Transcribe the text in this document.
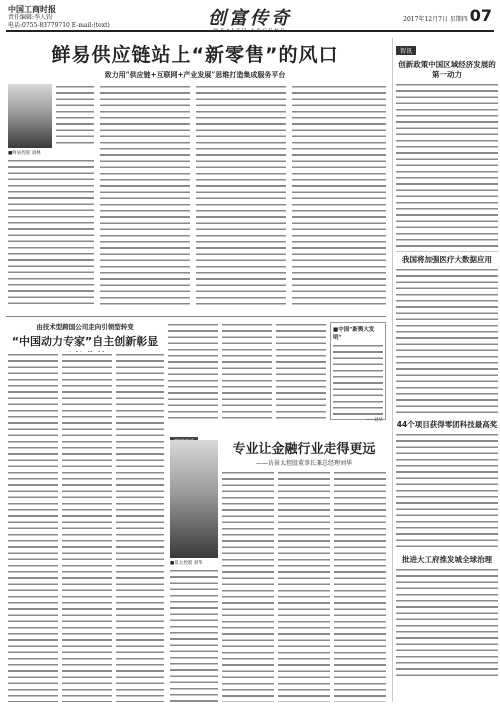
中国工商时报
责任编辑:李人钧
电话:0755-83779710 E-mail:(text)	创富传奇	2017年12月7日 星期四 07
鲜易供应链站上“新零售”的风口
致力用“供应链+互联网+产业发展”思维打造集成服务平台
■鲜易控股 刘林
由技术型跨国公司走向引领型转变
“中国动力专家”自主创新彰显
■中国“新舆大发明”
——刘华
专业让金融行业走得更远
——访景太控股董事长兼总经理刘华
■景太控股 刘华
智讯
创新政策中国区域经济发展的第一动力
我国将加强医疗大数据应用
44个项目获得零团科技最高奖
批进大工府推发城全球治理
